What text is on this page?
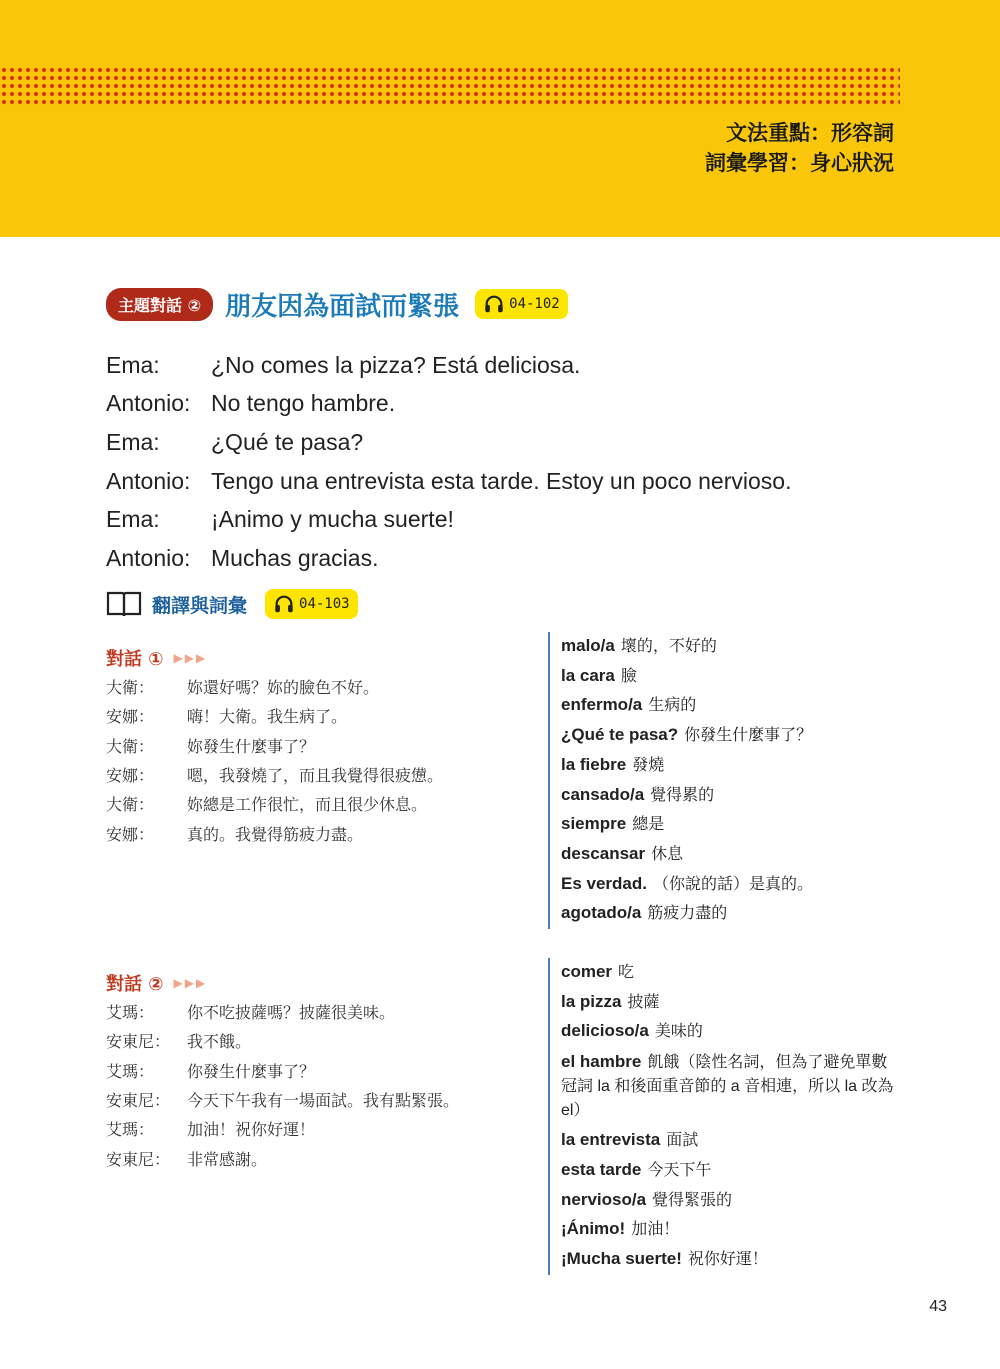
文法重點：形容詞
詞彙學習：身心狀況
主題對話 ② 朋友因為面試而緊張	04-102
Ema:	¿No comes la pizza? Está deliciosa.
Antonio: No tengo hambre.
Ema:	¿Qué te pasa?
Antonio: Tengo una entrevista esta tarde. Estoy un poco nervioso.
Ema:	¡Animo y mucha suerte!
Antonio: Muchas gracias.
翻譯與詞彙	04-103
對話 ① ▶▶▶
大衛：	妳還好嗎？妳的臉色不好。
安娜：	嗨！大衛。我生病了。
大衛：	妳發生什麼事了？
安娜：	嗯，我發燒了，而且我覺得很疲憊。
大衛：	妳總是工作很忙，而且很少休息。
安娜：	真的。我覺得筋疲力盡。
malo/a 壞的，不好的
la cara 臉
enfermo/a 生病的
¿Qué te pasa? 你發生什麼事了？
la fiebre 發燒
cansado/a 覺得累的
siempre 總是
descansar 休息
Es verdad. （你說的話）是真的。
agotado/a 筋疲力盡的
對話 ② ▶▶▶
艾瑪：	你不吃披薩嗎？披薩很美味。
安東尼：	我不餓。
艾瑪：	你發生什麼事了？
安東尼：	今天下午我有一場面試。我有點緊張。
艾瑪：	加油！祝你好運！
安東尼：	非常感謝。
comer 吃
la pizza 披薩
delicioso/a 美味的
el hambre 飢餓（陰性名詞，但為了避免單數冠詞 la 和後面重音節的 a 音相連，所以 la 改為 el）
la entrevista 面試
esta tarde 今天下午
nervioso/a 覺得緊張的
¡Ánimo! 加油！
¡Mucha suerte! 祝你好運！
43
